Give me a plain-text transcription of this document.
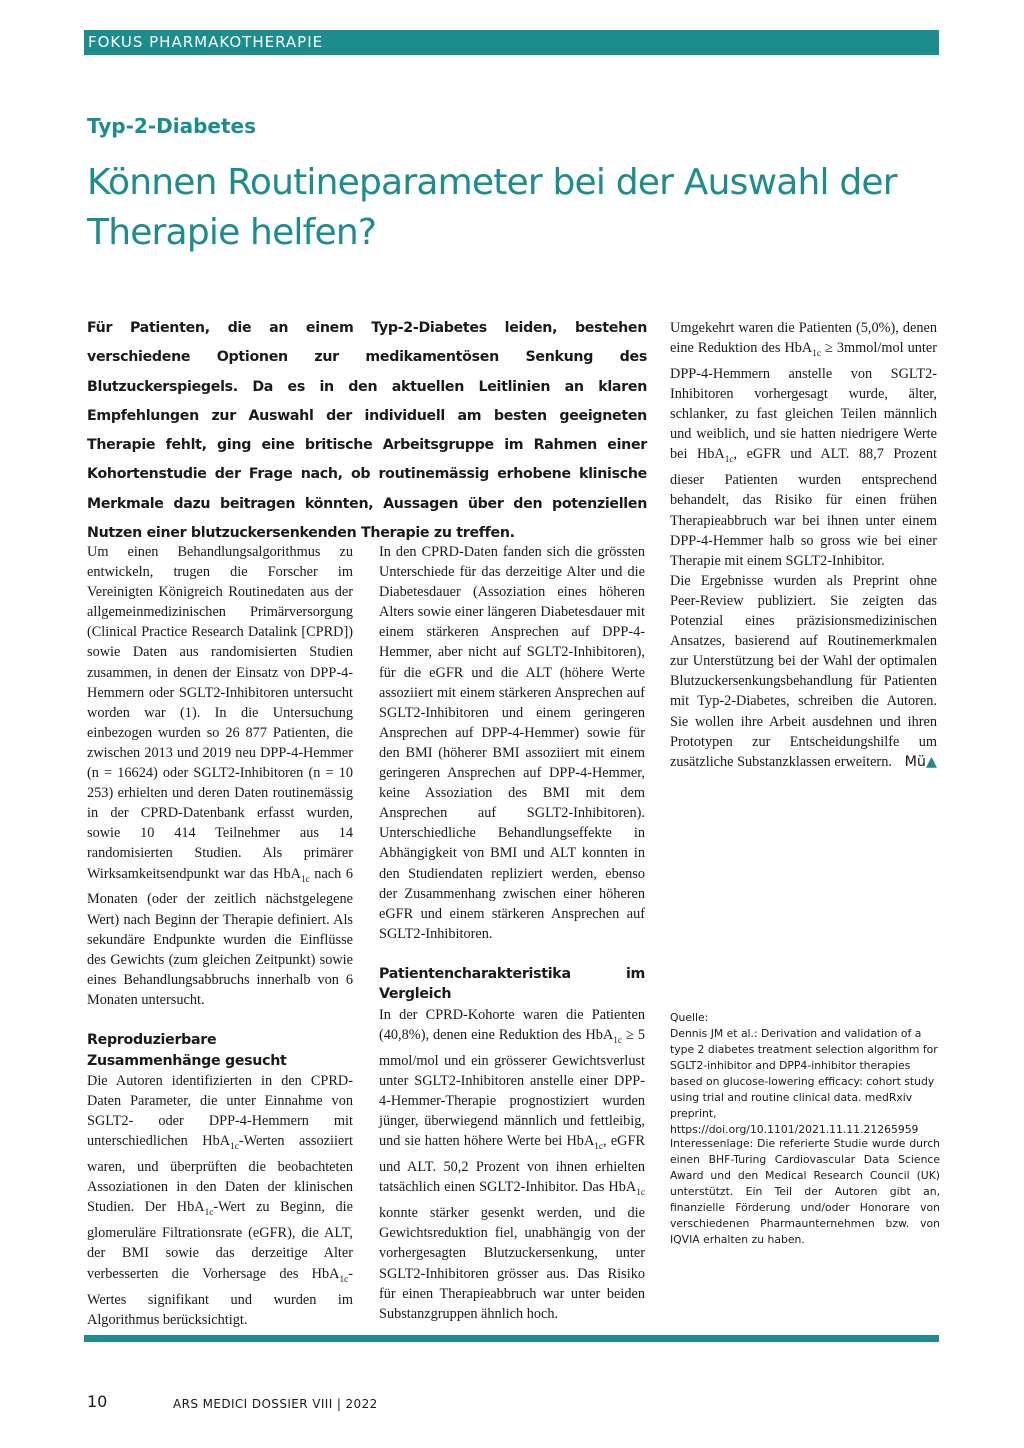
FOKUS PHARMAKOTHERAPIE
Typ-2-Diabetes
Können Routineparameter bei der Auswahl der Therapie helfen?
Für Patienten, die an einem Typ-2-Diabetes leiden, bestehen verschiedene Optionen zur medikamentösen Senkung des Blutzuckerspiegels. Da es in den aktuellen Leitlinien an klaren Empfehlungen zur Auswahl der individuell am besten geeigneten Therapie fehlt, ging eine britische Arbeitsgruppe im Rahmen einer Kohortenstudie der Frage nach, ob routinemässig erhobene klinische Merkmale dazu beitragen könnten, Aussagen über den potenziellen Nutzen einer blutzuckersenkenden Therapie zu treffen.

Um einen Behandlungsalgorithmus zu entwickeln, trugen die Forscher im Vereinigten Königreich Routinedaten aus der allgemeinmedizinischen Primärversorgung (Clinical Practice Research Datalink [CPRD]) sowie Daten aus randomisierten Studien zusammen, in denen der Einsatz von DPP-4-Hemmern oder SGLT2-Inhibitoren untersucht worden war (1). In die Untersuchung einbezogen wurden so 26 877 Patienten, die zwischen 2013 und 2019 neu DPP-4-Hemmer (n = 16624) oder SGLT2-Inhibitoren (n = 10 253) erhielten und deren Daten routinemässig in der CPRD-Datenbank erfasst wurden, sowie 10 414 Teilnehmer aus 14 randomisierten Studien. Als primärer Wirksamkeitsendpunkt war das HbA$_{1c}$ nach 6 Monaten (oder der zeitlich nächstgelegene Wert) nach Beginn der Therapie definiert. Als sekundäre Endpunkte wurden die Einflüsse des Gewichts (zum gleichen Zeitpunkt) sowie eines Behandlungsabbruchs innerhalb von 6 Monaten untersucht.

Reproduzierbare Zusammenhänge gesucht

Die Autoren identifizierten in den CPRD-Daten Parameter, die unter Einnahme von SGLT2- oder DPP-4-Hemmern mit unterschiedlichen HbA$_{1c}$-Werten assoziiert waren, und überprüften die beobachteten Assoziationen in den Daten der klinischen Studien. Der HbA$_{1c}$-Wert zu Beginn, die glomeruläre Filtrationsrate (eGFR), die ALT, der BMI sowie das derzeitige Alter verbesserten die Vorhersage des HbA$_{1c}$-Wertes signifikant und wurden im Algorithmus berücksichtigt.

In den CPRD-Daten fanden sich die grössten Unterschiede für das derzeitige Alter und die Diabetesdauer (Assoziation eines höheren Alters sowie einer längeren Diabetesdauer mit einem stärkeren Ansprechen auf DPP-4-Hemmer, aber nicht auf SGLT2-Inhibitoren), für die eGFR und die ALT (höhere Werte assoziiert mit einem stärkeren Ansprechen auf SGLT2-Inhibitoren und einem geringeren Ansprechen auf DPP-4-Hemmer) sowie für den BMI (höherer BMI assoziiert mit einem geringeren Ansprechen auf DPP-4-Hemmer, keine Assoziation des BMI mit dem Ansprechen auf SGLT2-Inhibitoren). Unterschiedliche Behandlungseffekte in Abhängigkeit von BMI und ALT konnten in den Studiendaten repliziert werden, ebenso der Zusammenhang zwischen einer höheren eGFR und einem stärkeren Ansprechen auf SGLT2-Inhibitoren.

Patientencharakteristika im Vergleich

In der CPRD-Kohorte waren die Patienten (40,8%), denen eine Reduktion des HbA$_{1c}$ ≥ 5 mmol/mol und ein grösserer Gewichtsverlust unter SGLT2-Inhibitoren anstelle einer DPP-4-Hemmer-Therapie prognostiziert wurden jünger, überwiegend männlich und fettleibig, und sie hatten höhere Werte bei HbA$_{1c}$, eGFR und ALT. 50,2 Prozent von ihnen erhielten tatsächlich einen SGLT2-Inhibitor. Das HbA$_{1c}$ konnte stärker gesenkt werden, und die Gewichtsreduktion fiel, unabhängig von der vorhergesagten Blutzuckersenkung, unter SGLT2-Inhibitoren grösser aus. Das Risiko für einen Therapieabbruch war unter beiden Substanzgruppen ähnlich hoch.

Umgekehrt waren die Patienten (5,0%), denen eine Reduktion des HbA$_{1c}$ ≥ 3mmol/mol unter DPP-4-Hemmern anstelle von SGLT2-Inhibitoren vorhergesagt wurde, älter, schlanker, zu fast gleichen Teilen männlich und weiblich, und sie hatten niedrigere Werte bei HbA$_{1c}$, eGFR und ALT. 88,7 Prozent dieser Patienten wurden entsprechend behandelt, das Risiko für einen frühen Therapieabbruch war bei ihnen unter einem DPP-4-Hemmer halb so gross wie bei einer Therapie mit einem SGLT2-Inhibitor.

Die Ergebnisse wurden als Preprint ohne Peer-Review publiziert. Sie zeigten das Potenzial eines präzisionsmedizinischen Ansatzes, basierend auf Routinemerkmalen zur Unterstützung bei der Wahl der optimalen Blutzuckersenkungsbehandlung für Patienten mit Typ-2-Diabetes, schreiben die Autoren. Sie wollen ihre Arbeit ausdehnen und ihren Prototypen zur Entscheidungshilfe um zusätzliche Substanzklassen erweitern. Mü▲

Quelle:

Dennis JM et al.: Derivation and validation of a type 2 diabetes treatment selection algorithm for SGLT2-inhibitor and DPP4-inhibitor therapies based on glucose-lowering efficacy: cohort study using trial and routine clinical data. medRxiv preprint, https://doi.org/10.1101/2021.11.11.21265959

Interessenlage: Die referierte Studie wurde durch einen BHF-Turing Cardiovascular Data Science Award und den Medical Research Council (UK) unterstützt. Ein Teil der Autoren gibt an, finanzielle Förderung und/oder Honorare von verschiedenen Pharmaunternehmen bzw. von IQVIA erhalten zu haben.

10	ARS MEDICI DOSSIER VIII | 2022
